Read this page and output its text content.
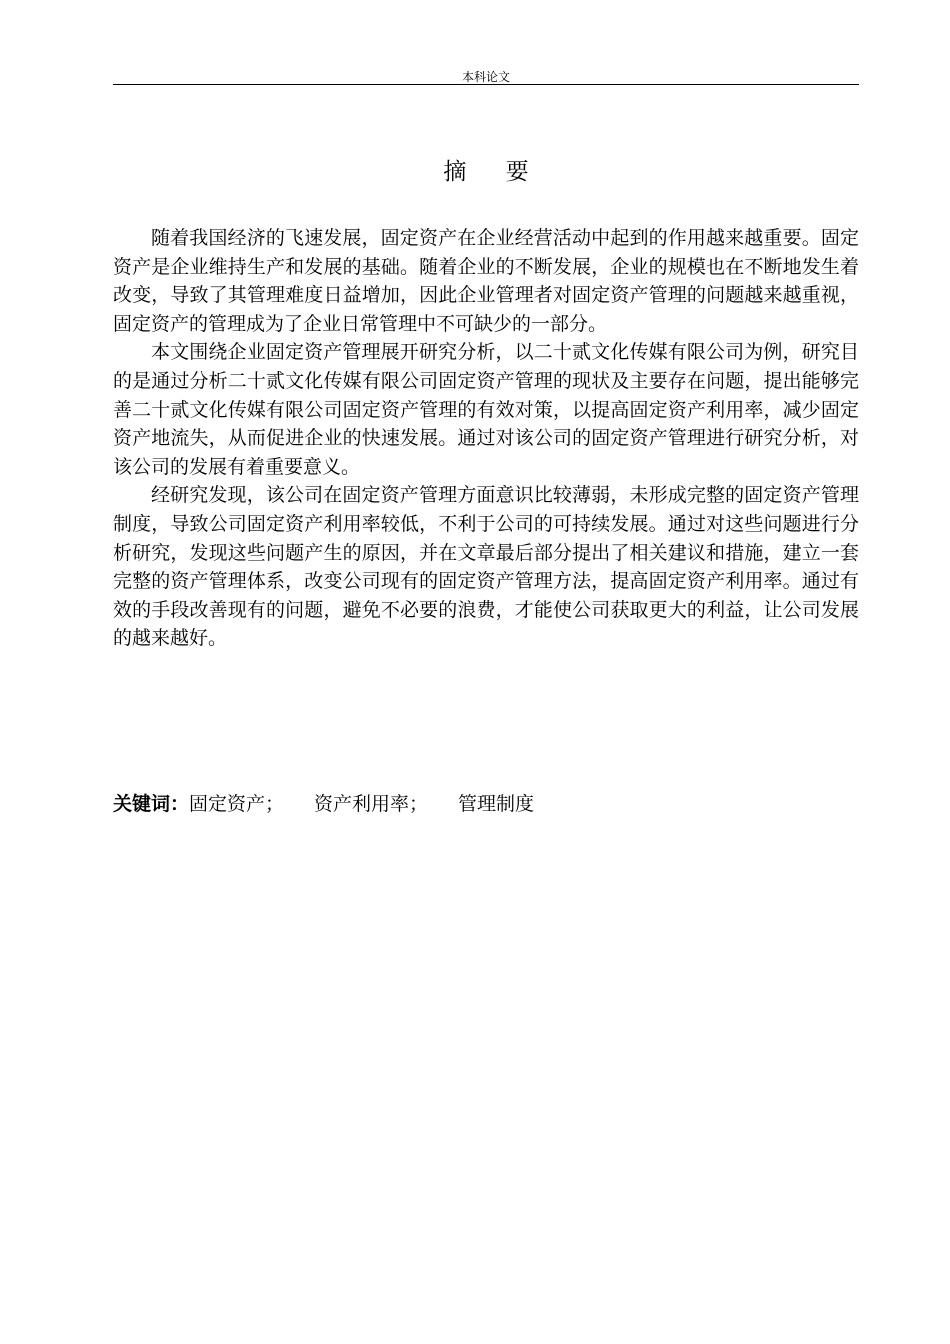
本科论文
摘 要

随着我国经济的飞速发展，固定资产在企业经营活动中起到的作用越来越重要。固定资产是企业维持生产和发展的基础。随着企业的不断发展，企业的规模也在不断地发生着改变，导致了其管理难度日益增加，因此企业管理者对固定资产管理的问题越来越重视，固定资产的管理成为了企业日常管理中不可缺少的一部分。

本文围绕企业固定资产管理展开研究分析，以二十贰文化传媒有限公司为例，研究目的是通过分析二十贰文化传媒有限公司固定资产管理的现状及主要存在问题，提出能够完善二十贰文化传媒有限公司固定资产管理的有效对策，以提高固定资产利用率，减少固定资产地流失，从而促进企业的快速发展。通过对该公司的固定资产管理进行研究分析，对该公司的发展有着重要意义。

经研究发现，该公司在固定资产管理方面意识比较薄弱，未形成完整的固定资产管理制度，导致公司固定资产利用率较低，不利于公司的可持续发展。通过对这些问题进行分析研究，发现这些问题产生的原因，并在文章最后部分提出了相关建议和措施，建立一套完整的资产管理体系，改变公司现有的固定资产管理方法，提高固定资产利用率。通过有效的手段改善现有的问题，避免不必要的浪费，才能使公司获取更大的利益，让公司发展的越来越好。

关键词：固定资产； 资产利用率； 管理制度
